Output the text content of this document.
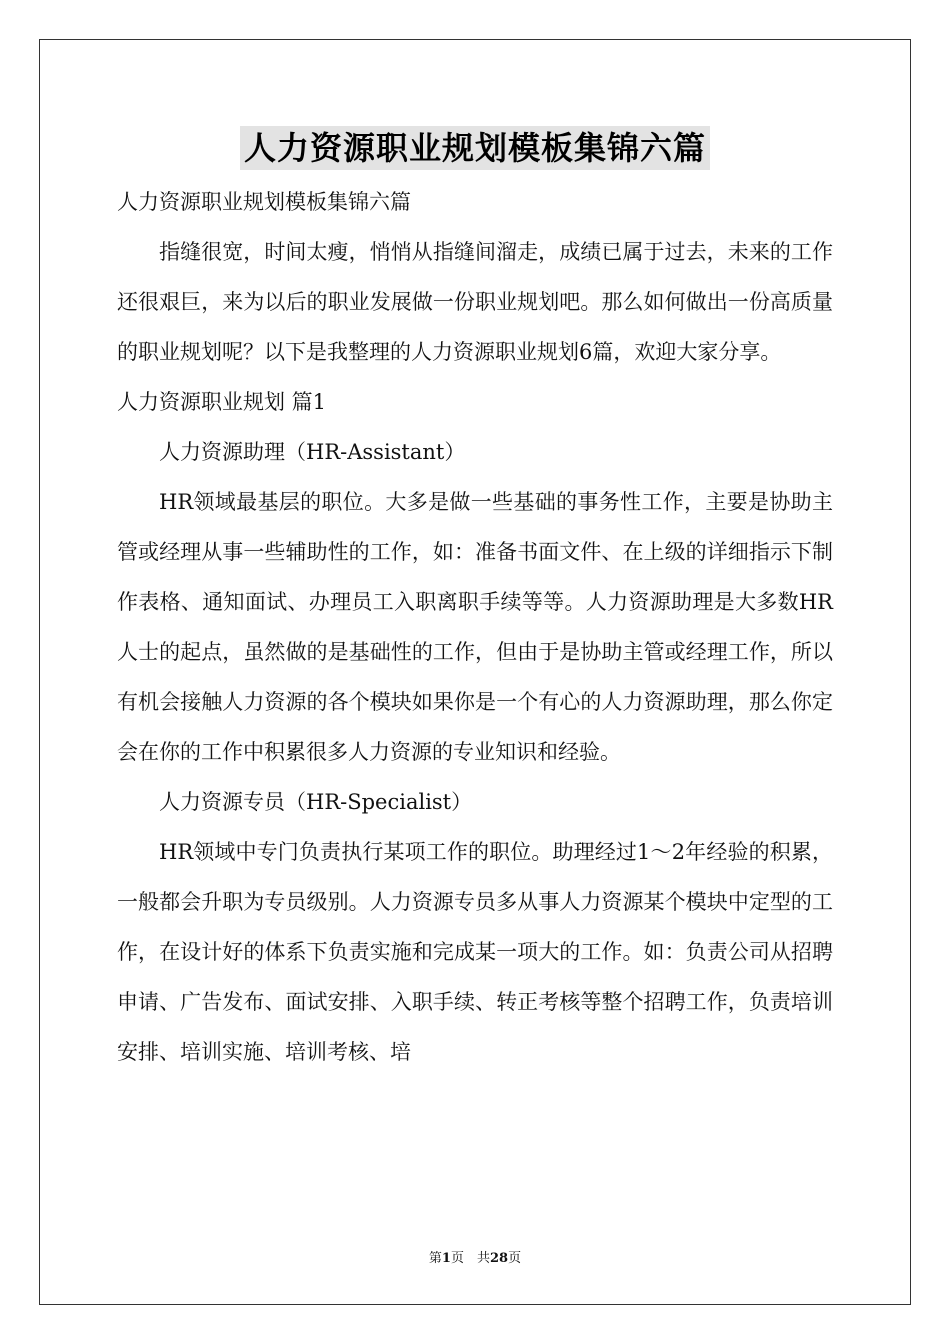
人力资源职业规划模板集锦六篇

人力资源职业规划模板集锦六篇

指缝很宽，时间太瘦，悄悄从指缝间溜走，成绩已属于过去，未来的工作还很艰巨，来为以后的职业发展做一份职业规划吧。那么如何做出一份高质量的职业规划呢？以下是我整理的人力资源职业规划6篇，欢迎大家分享。

人力资源职业规划 篇1

人力资源助理（HR-Assistant）

HR领域最基层的职位。大多是做一些基础的事务性工作，主要是协助主管或经理从事一些辅助性的工作，如：准备书面文件、在上级的详细指示下制作表格、通知面试、办理员工入职离职手续等等。人力资源助理是大多数HR人士的起点，虽然做的是基础性的工作，但由于是协助主管或经理工作，所以有机会接触人力资源的各个模块如果你是一个有心的人力资源助理，那么你定会在你的工作中积累很多人力资源的专业知识和经验。

人力资源专员（HR-Specialist）

HR领域中专门负责执行某项工作的职位。助理经过1～2年经验的积累，一般都会升职为专员级别。人力资源专员多从事人力资源某个模块中定型的工作，在设计好的体系下负责实施和完成某一项大的工作。如：负责公司从招聘申请、广告发布、面试安排、入职手续、转正考核等整个招聘工作，负责培训安排、培训实施、培训考核、培

第1页　共28页
